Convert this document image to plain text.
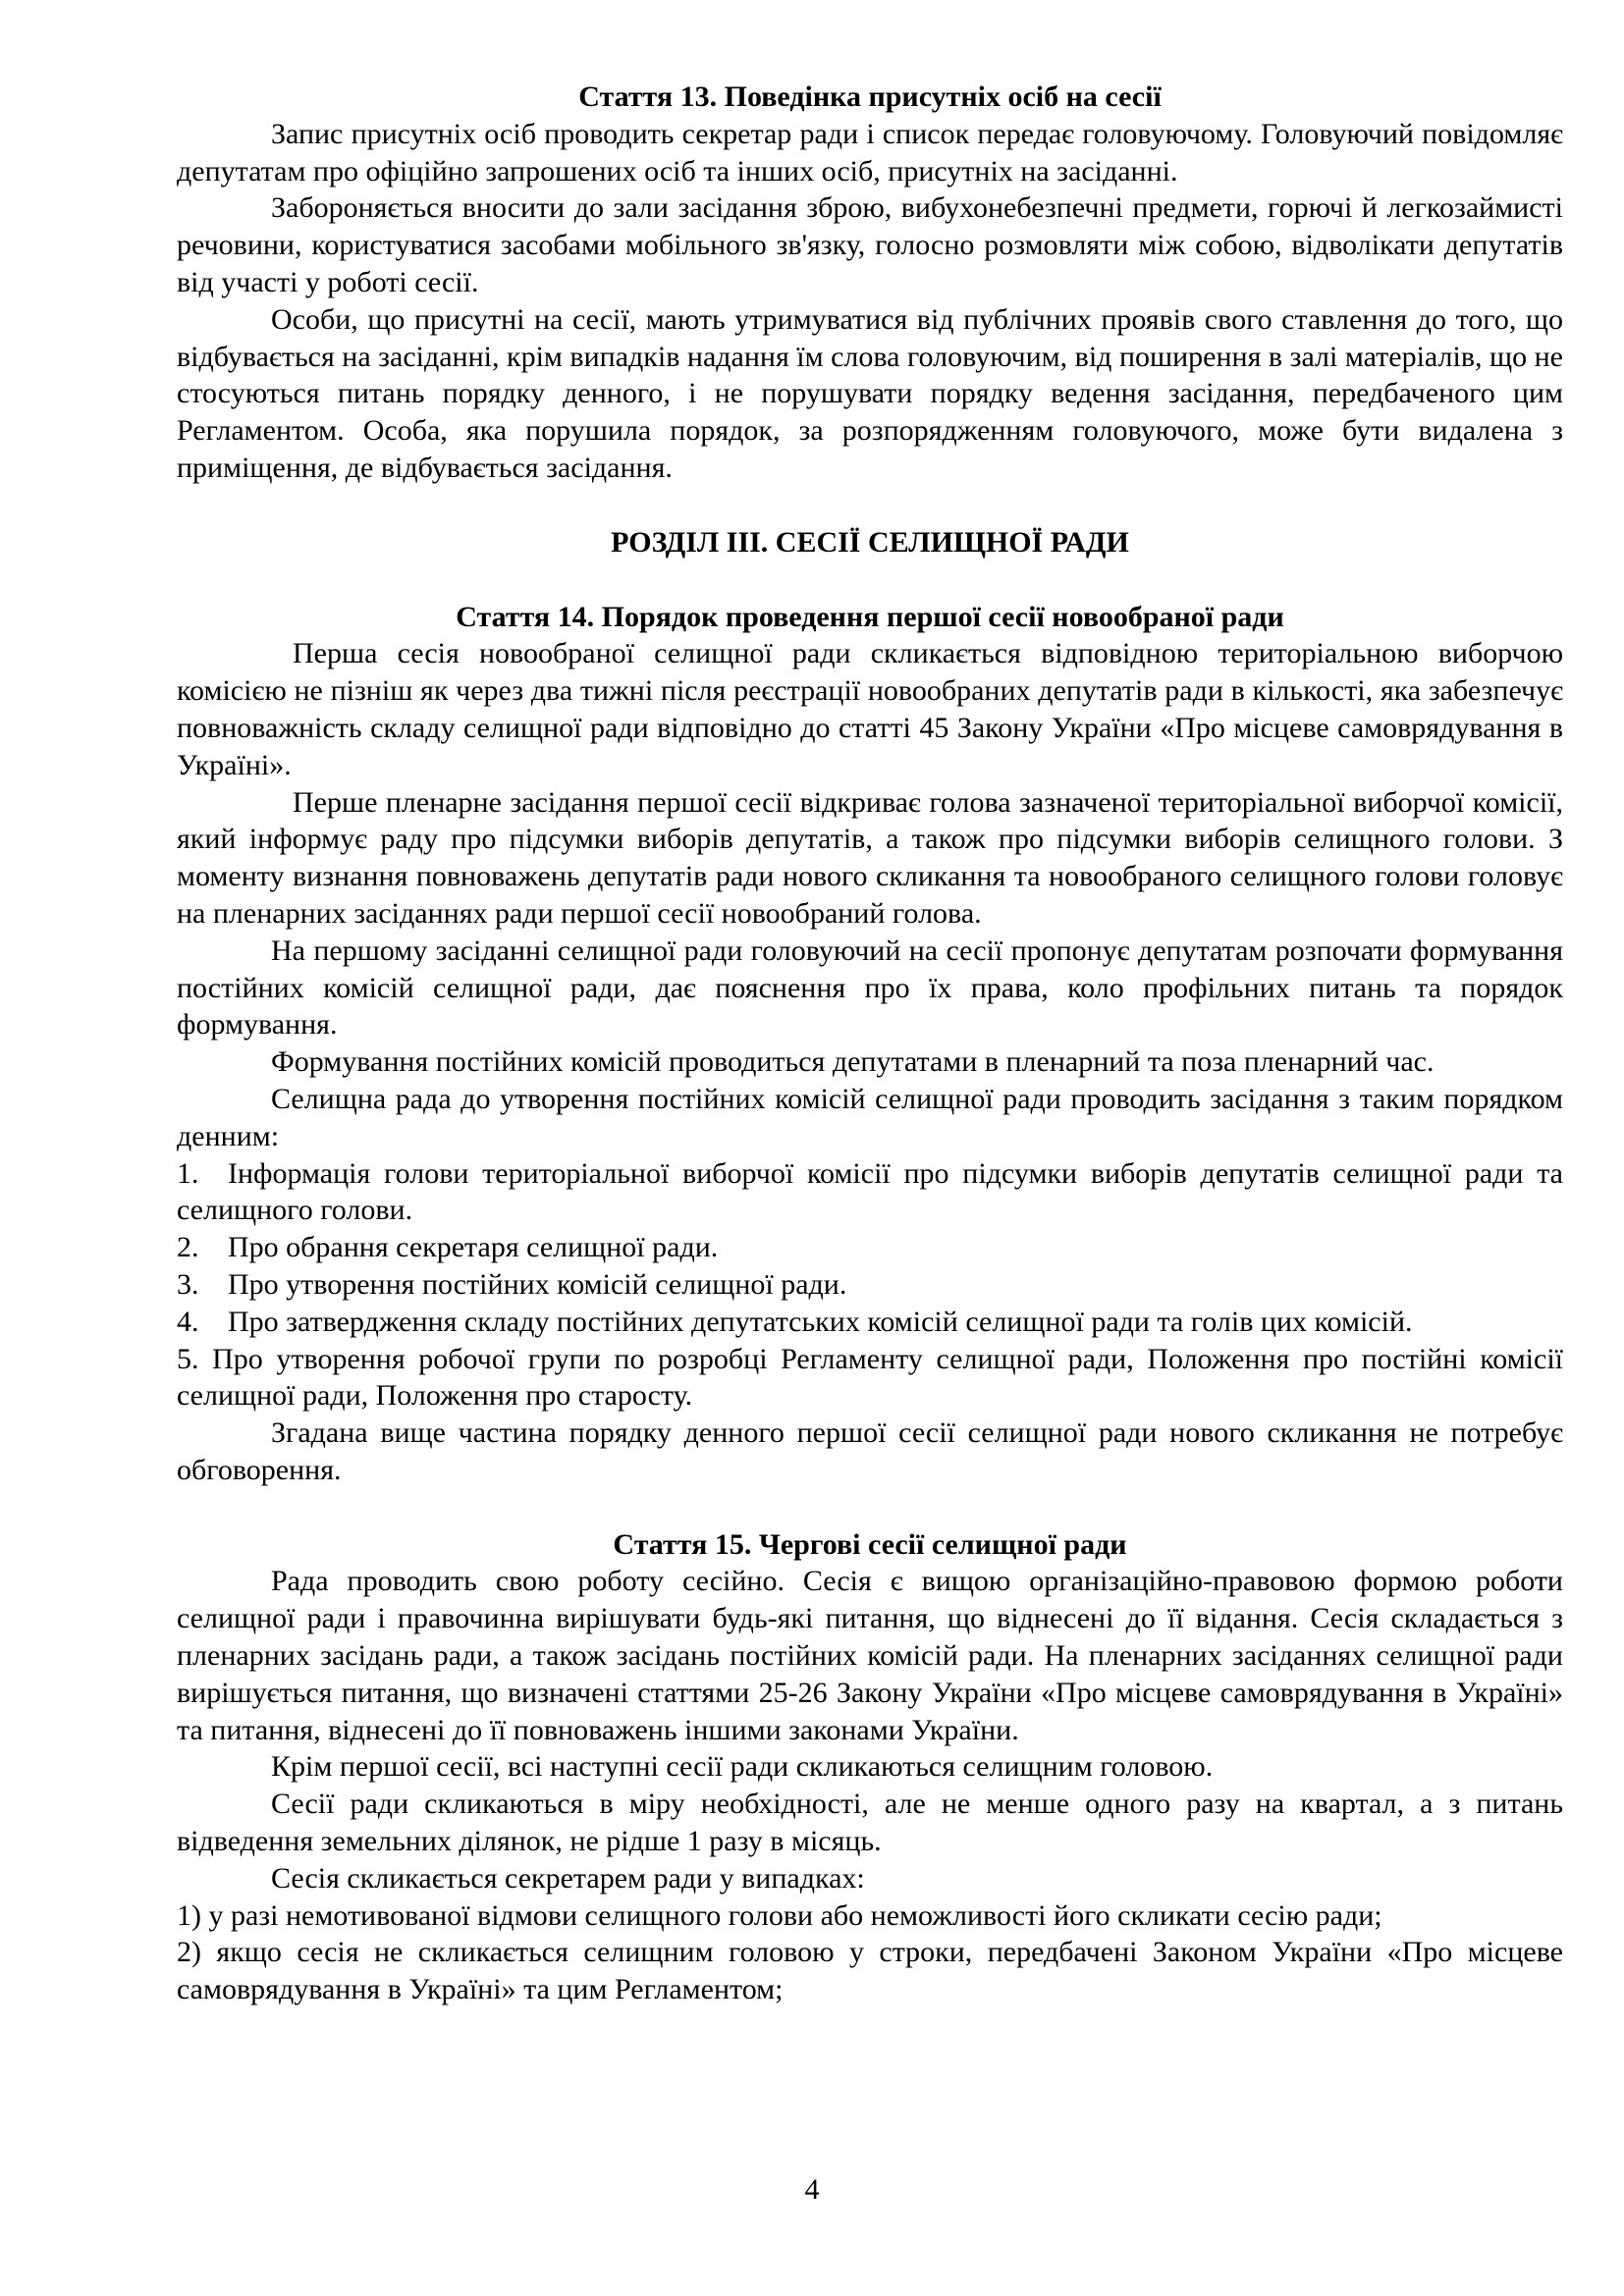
Стаття 13. Поведінка присутніх осіб на сесії

Запис присутніх осіб проводить секретар ради і список передає головуючому. Головуючий повідомляє депутатам про офіційно запрошених осіб та інших осіб, присутніх на засіданні.

Забороняється вносити до зали засідання зброю, вибухонебезпечні предмети, горючі й легкозаймисті речовини, користуватися засобами мобільного зв'язку, голосно розмовляти між собою, відволікати депутатів від участі у роботі сесії.

Особи, що присутні на сесії, мають утримуватися від публічних проявів свого ставлення до того, що відбувається на засіданні, крім випадків надання їм слова головуючим, від поширення в залі матеріалів, що не стосуються питань порядку денного, і не порушувати порядку ведення засідання, передбаченого цим Регламентом. Особа, яка порушила порядок, за розпорядженням головуючого, може бути видалена з приміщення, де відбувається засідання.

РОЗДІЛ ІІІ. СЕСІЇ СЕЛИЩНОЇ РАДИ

Стаття 14. Порядок проведення першої сесії новообраної ради

Перша сесія новообраної селищної ради скликається відповідною територіальною виборчою комісією не пізніш як через два тижні після реєстрації новообраних депутатів ради в кількості, яка забезпечує повноважність складу селищної ради відповідно до статті 45 Закону України «Про місцеве самоврядування в Україні».

Перше пленарне засідання першої сесії відкриває голова зазначеної територіальної виборчої комісії, який інформує раду про підсумки виборів депутатів, а також про підсумки виборів селищного голови. З моменту визнання повноважень депутатів ради нового скликання та новообраного селищного голови головує на пленарних засіданнях ради першої сесії новообраний голова.

На першому засіданні селищної ради головуючий на сесії пропонує депутатам розпочати формування постійних комісій селищної ради, дає пояснення про їх права, коло профільних питань та порядок формування.

Формування постійних комісій проводиться депутатами в пленарний та поза пленарний час.

Селищна рада до утворення постійних комісій селищної ради проводить засідання з таким порядком денним:

1. Інформація голови територіальної виборчої комісії про підсумки виборів депутатів селищної ради та селищного голови.

2. Про обрання секретаря селищної ради.

3. Про утворення постійних комісій селищної ради.

4. Про затвердження складу постійних депутатських комісій селищної ради та голів цих комісій.

5. Про утворення робочої групи по розробці Регламенту селищної ради, Положення про постійні комісії селищної ради, Положення про старосту.

Згадана вище частина порядку денного першої сесії селищної ради нового скликання не потребує обговорення.

Стаття 15. Чергові сесії селищної ради

Рада проводить свою роботу сесійно. Сесія є вищою організаційно-правовою формою роботи селищної ради і правочинна вирішувати будь-які питання, що віднесені до її відання. Сесія складається з пленарних засідань ради, а також засідань постійних комісій ради. На пленарних засіданнях селищної ради вирішується питання, що визначені статтями 25-26 Закону України «Про місцеве самоврядування в Україні» та питання, віднесені до її повноважень іншими законами України.

Крім першої сесії, всі наступні сесії ради скликаються селищним головою.

Сесії ради скликаються в міру необхідності, але не менше одного разу на квартал, а з питань відведення земельних ділянок, не рідше 1 разу в місяць.

Сесія скликається секретарем ради у випадках:

1) у разі немотивованої відмови селищного голови або неможливості його скликати сесію ради;

2) якщо сесія не скликається селищним головою у строки, передбачені Законом України «Про місцеве самоврядування в Україні» та цим Регламентом;

4
